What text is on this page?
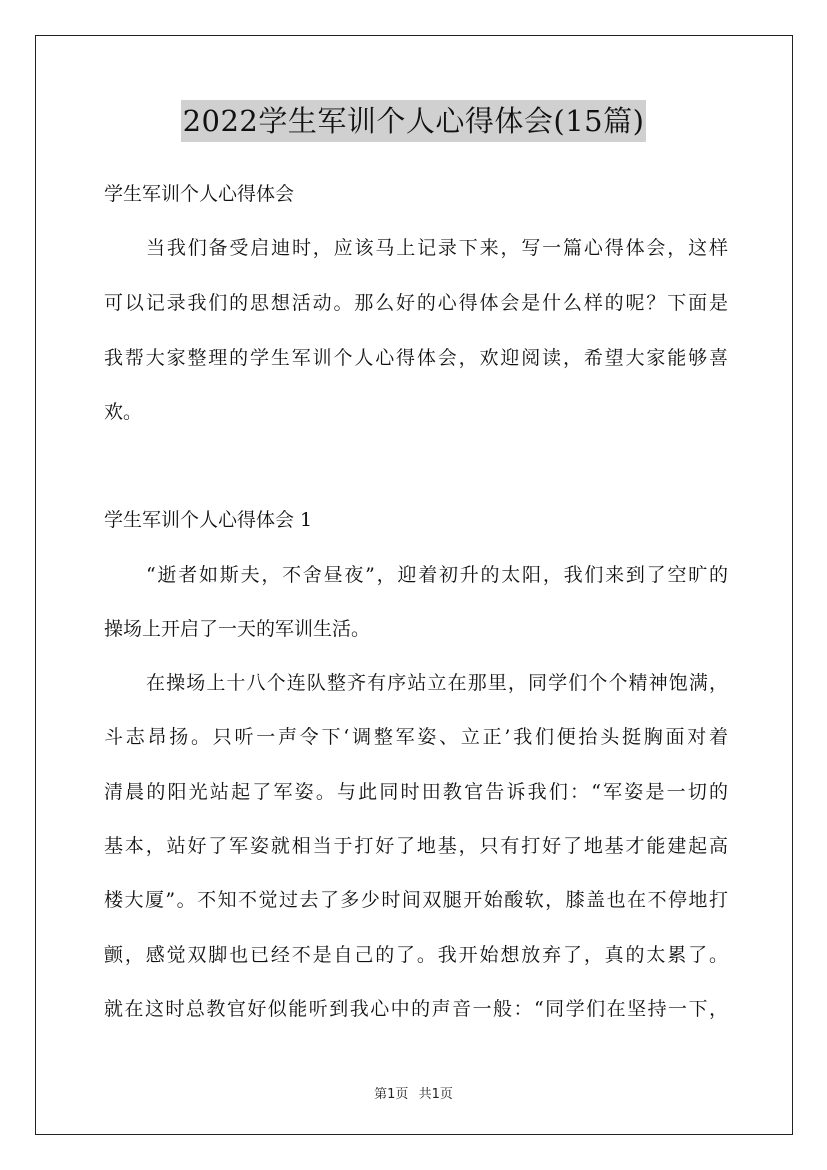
2022学生军训个人心得体会(15篇)
学生军训个人心得体会
当我们备受启迪时，应该马上记录下来，写一篇心得体会，这样
可以记录我们的思想活动。那么好的心得体会是什么样的呢？下面是
我帮大家整理的学生军训个人心得体会，欢迎阅读，希望大家能够喜
欢。
学生军训个人心得体会 1
“逝者如斯夫，不舍昼夜”，迎着初升的太阳，我们来到了空旷的
操场上开启了一天的军训生活。
在操场上十八个连队整齐有序站立在那里，同学们个个精神饱满，
斗志昂扬。只听一声令下‘调整军姿、立正’我们便抬头挺胸面对着
清晨的阳光站起了军姿。与此同时田教官告诉我们：“军姿是一切的
基本，站好了军姿就相当于打好了地基，只有打好了地基才能建起高
楼大厦”。不知不觉过去了多少时间双腿开始酸软，膝盖也在不停地打
颤，感觉双脚也已经不是自己的了。我开始想放弃了，真的太累了。
就在这时总教官好似能听到我心中的声音一般：“同学们在坚持一下，
第1页 共1页
